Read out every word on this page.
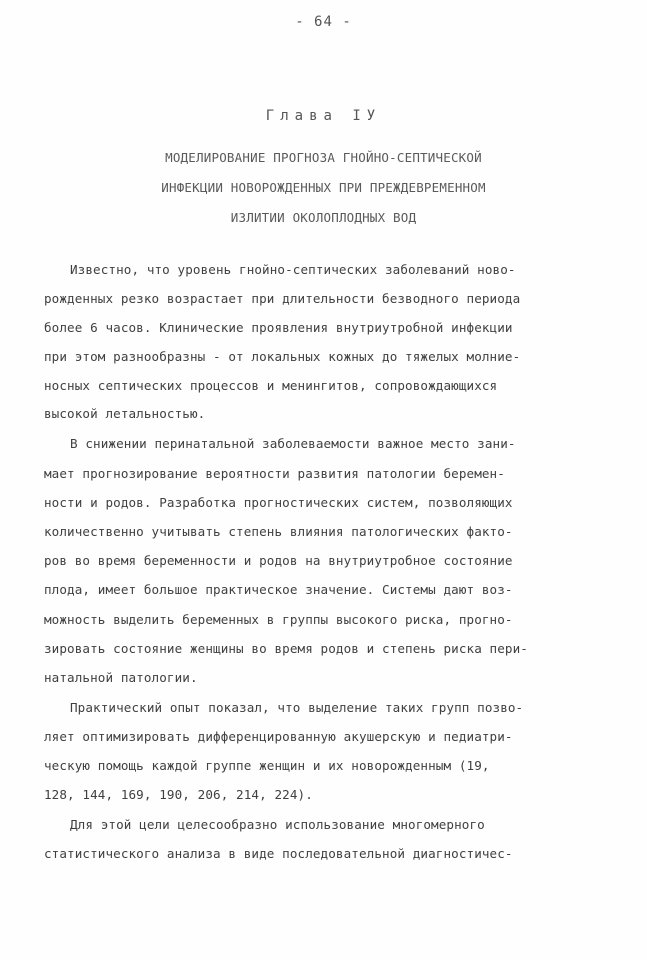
- 64 -
Глава IУ
МОДЕЛИРОВАНИЕ ПРОГНОЗА ГНОЙНО-СЕПТИЧЕСКОЙ
ИНФЕКЦИИ НОВОРОЖДЕННЫХ ПРИ ПРЕЖДЕВРЕМЕННОМ
ИЗЛИТИИ ОКОЛОПЛОДНЫХ ВОД
Известно, что уровень гнойно-септических заболеваний ново-
рожденных резко возрастает при длительности безводного периода
более 6 часов. Клинические проявления внутриутробной инфекции
при этом разнообразны - от локальных кожных до тяжелых молние-
носных септических процессов и менингитов, сопровождающихся
высокой летальностью.
В снижении перинатальной заболеваемости важное место зани-
мает прогнозирование вероятности развития патологии беремен-
ности и родов. Разработка прогностических систем, позволяющих
количественно учитывать степень влияния патологических факто-
ров во время беременности и родов на внутриутробное состояние
плода, имеет большое практическое значение. Системы дают воз-
можность выделить беременных в группы высокого риска, прогно-
зировать состояние женщины во время родов и степень риска пери-
натальной патологии.
Практический опыт показал, что выделение таких групп позво-
ляет оптимизировать дифференцированную акушерскую и педиатри-
ческую помощь каждой группе женщин и их новорожденным (19,
128, 144, 169, 190, 206, 214, 224).
Для этой цели целесообразно использование многомерного
статистического анализа в виде последовательной диагностичес-
